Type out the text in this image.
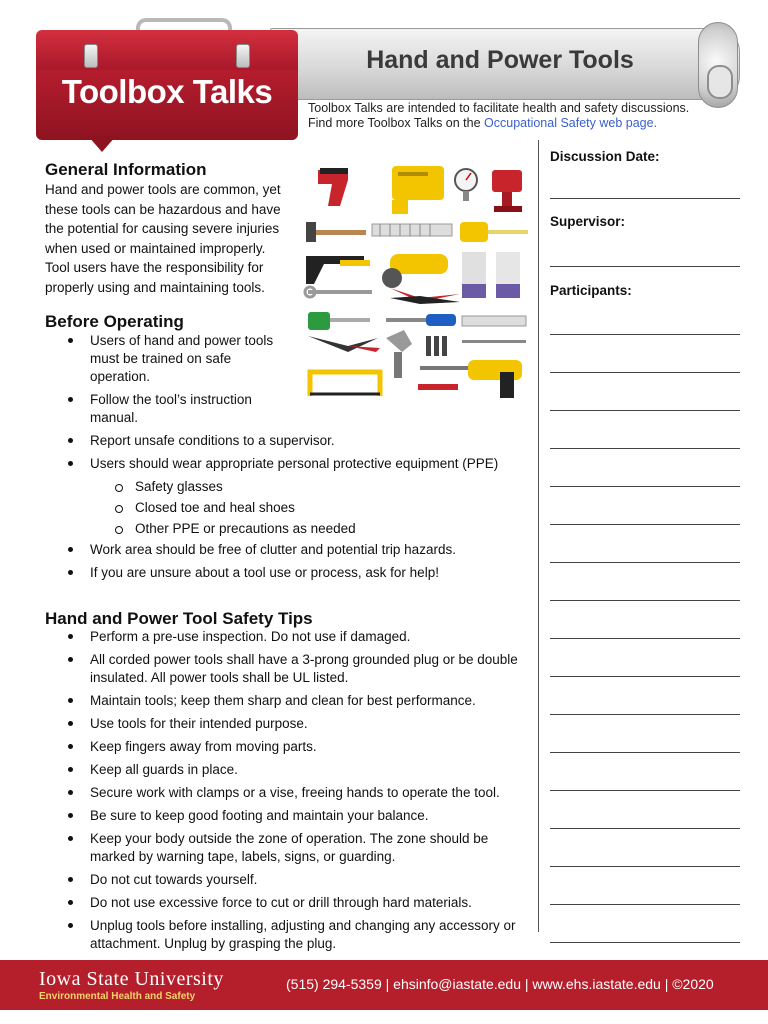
Hand and Power Tools
Toolbox Talks	Toolbox Talks are intended to facilitate health and safety discussions.
Find more Toolbox Talks on the Occupational Safety web page.
General Information
Hand and power tools are common, yet these tools can be hazardous and have the potential for causing severe injuries when used or maintained improperly. Tool users have the responsibility for properly using and maintaining tools.
Before Operating
Users of hand and power tools must be trained on safe operation.
Follow the tool’s instruction manual.
Report unsafe conditions to a supervisor.
Users should wear appropriate personal protective equipment (PPE)
Safety glasses
Closed toe and heal shoes
Other PPE or precautions as needed
Work area should be free of clutter and potential trip hazards.
If you are unsure about a tool use or process, ask for help!
Hand and Power Tool Safety Tips
Perform a pre-use inspection. Do not use if damaged.
All corded power tools shall have a 3-prong grounded plug or be double insulated. All power tools shall be UL listed.
Maintain tools; keep them sharp and clean for best performance.
Use tools for their intended purpose.
Keep fingers away from moving parts.
Keep all guards in place.
Secure work with clamps or a vise, freeing hands to operate the tool.
Be sure to keep good footing and maintain your balance.
Keep your body outside the zone of operation. The zone should be marked by warning tape, labels, signs, or guarding.
Do not cut towards yourself.
Do not use excessive force to cut or drill through hard materials.
Unplug tools before installing, adjusting and changing any accessory or attachment. Unplug by grasping the plug.
Discussion Date:
Supervisor:
Participants:
Iowa State University
Environmental Health and Safety
(515) 294-5359 | ehsinfo@iastate.edu | www.ehs.iastate.edu | ©2020
